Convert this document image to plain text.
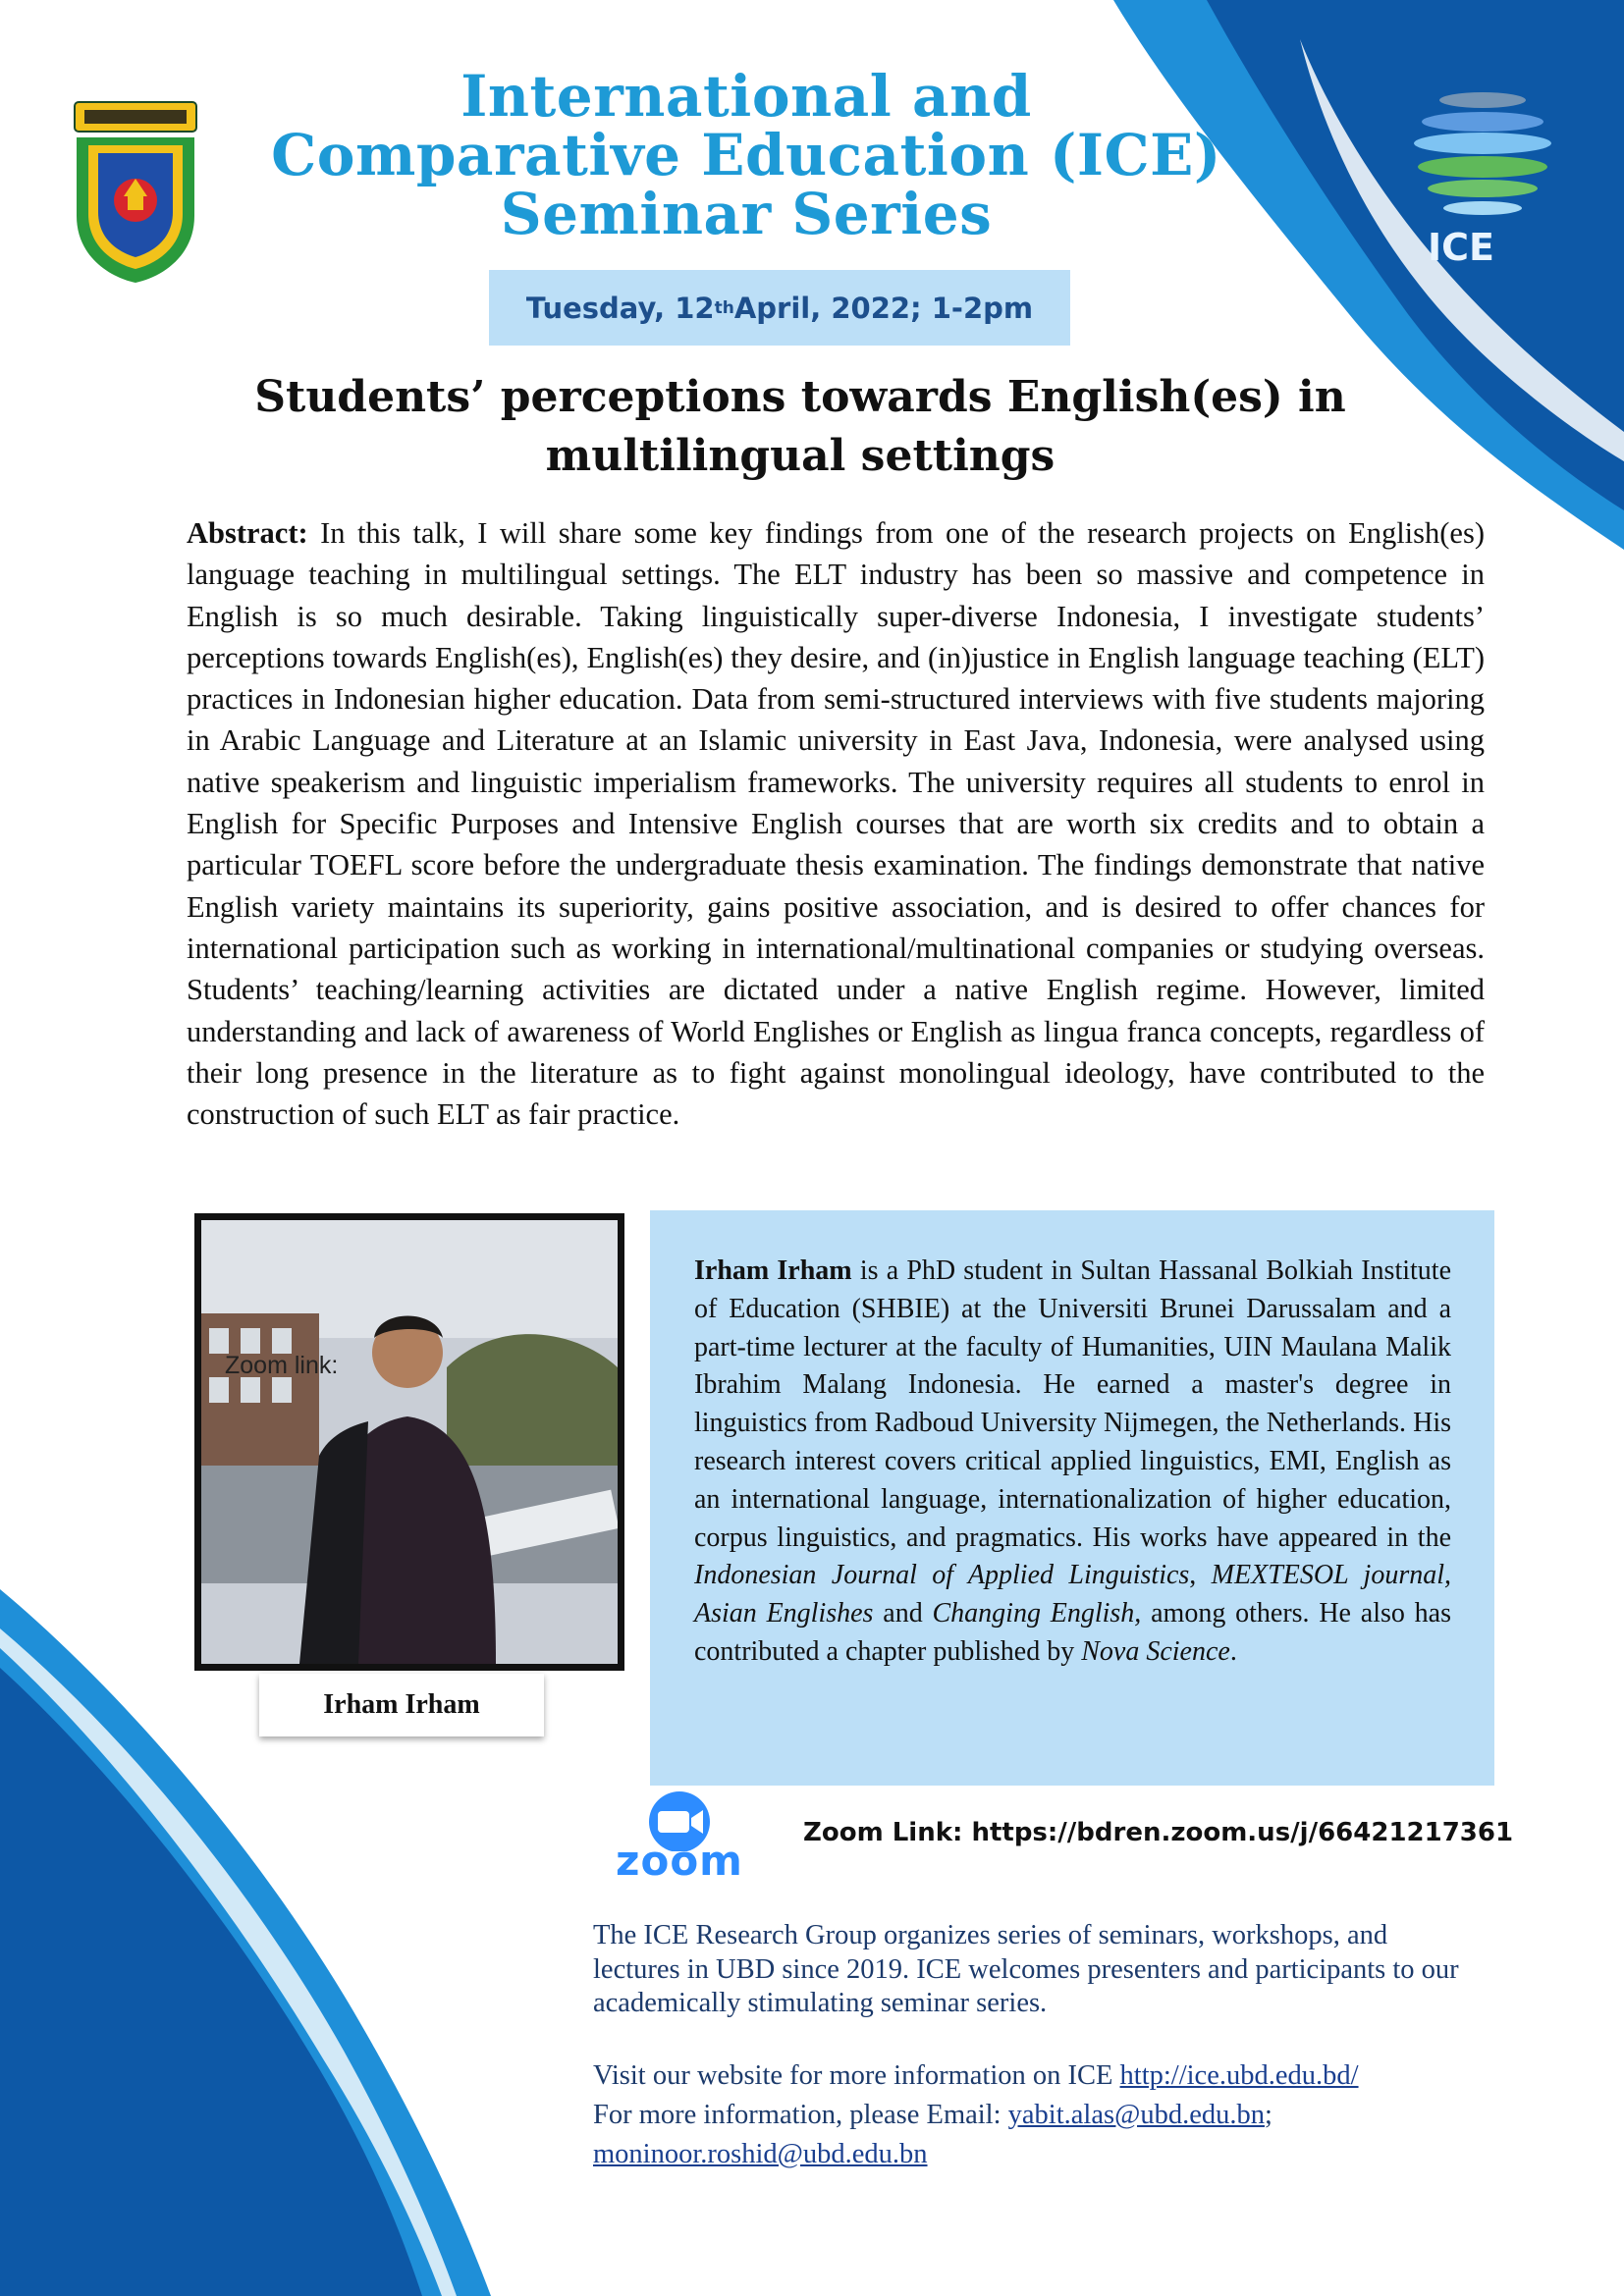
International and
Comparative Education (ICE)
Seminar Series	ICE
Tuesday, 12 th April, 2022; 1-2pm
Students’ perceptions towards English(es) in
multilingual settings

Abstract: In this talk, I will share some key findings from one of the research projects on English(es) language teaching in multilingual settings. The ELT industry has been so massive and competence in English is so much desirable. Taking linguistically super-diverse Indonesia, I investigate students’ perceptions towards English(es), English(es) they desire, and (in)justice in English language teaching (ELT) practices in Indonesian higher education. Data from semi-structured interviews with five students majoring in Arabic Language and Literature at an Islamic university in East Java, Indonesia, were analysed using native speakerism and linguistic imperialism frameworks. The university requires all students to enrol in English for Specific Purposes and Intensive English courses that are worth six credits and to obtain a particular TOEFL score before the undergraduate thesis examination. The findings demonstrate that native English variety maintains its superiority, gains positive association, and is desired to offer chances for international participation such as working in international/multinational companies or studying overseas. Students’ teaching/learning activities are dictated under a native English regime. However, limited understanding and lack of awareness of World Englishes or English as lingua franca concepts, regardless of their long presence in the literature as to fight against monolingual ideology, have contributed to the construction of such ELT as fair practice.

Zoom link:
Irham Irham

Irham Irham is a PhD student in Sultan Hassanal Bolkiah Institute of Education (SHBIE) at the Universiti Brunei Darussalam and a part-time lecturer at the faculty of Humanities, UIN Maulana Malik Ibrahim Malang Indonesia. He earned a master's degree in linguistics from Radboud University Nijmegen, the Netherlands. His research interest covers critical applied linguistics, EMI, English as an international language, internationalization of higher education, corpus linguistics, and pragmatics. His works have appeared in the Indonesian Journal of Applied Linguistics, MEXTESOL journal, Asian Englishes and Changing English, among others. He also has contributed a chapter published by Nova Science.

zoom
Zoom Link: https://bdren.zoom.us/j/66421217361

The ICE Research Group organizes series of seminars, workshops, and lectures in UBD since 2019. ICE welcomes presenters and participants to our academically stimulating seminar series.

Visit our website for more information on ICE http://ice.ubd.edu.bd/
For more information, please Email: yabit.alas@ubd.edu.bn;
moninoor.roshid@ubd.edu.bn
